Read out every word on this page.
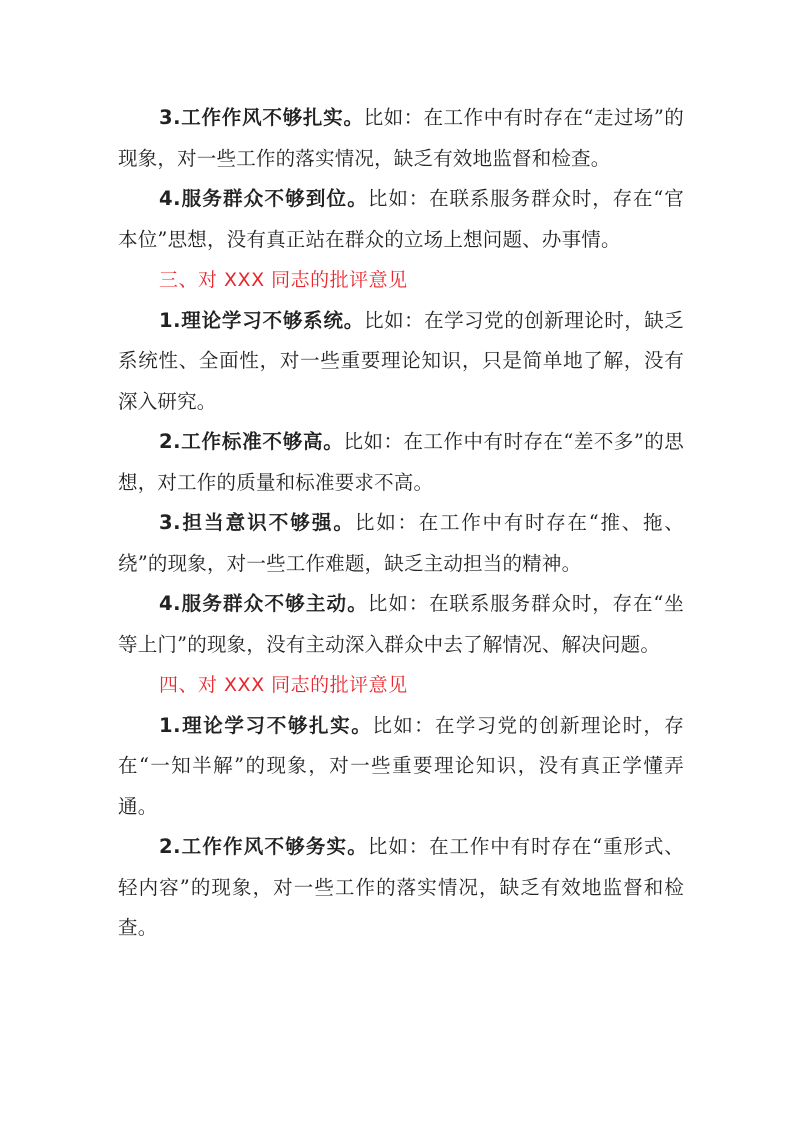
3.工作作风不够扎实。比如：在工作中有时存在“走过场”的现象，对一些工作的落实情况，缺乏有效地监督和检查。

4.服务群众不够到位。比如：在联系服务群众时，存在“官本位”思想，没有真正站在群众的立场上想问题、办事情。

三、对 XXX 同志的批评意见

1.理论学习不够系统。比如：在学习党的创新理论时，缺乏系统性、全面性，对一些重要理论知识，只是简单地了解，没有深入研究。

2.工作标准不够高。比如：在工作中有时存在“差不多”的思想，对工作的质量和标准要求不高。

3.担当意识不够强。比如：在工作中有时存在“推、拖、绕”的现象，对一些工作难题，缺乏主动担当的精神。

4.服务群众不够主动。比如：在联系服务群众时，存在“坐等上门”的现象，没有主动深入群众中去了解情况、解决问题。

四、对 XXX 同志的批评意见

1.理论学习不够扎实。比如：在学习党的创新理论时，存在“一知半解”的现象，对一些重要理论知识，没有真正学懂弄通。

2.工作作风不够务实。比如：在工作中有时存在“重形式、轻内容”的现象，对一些工作的落实情况，缺乏有效地监督和检查。
